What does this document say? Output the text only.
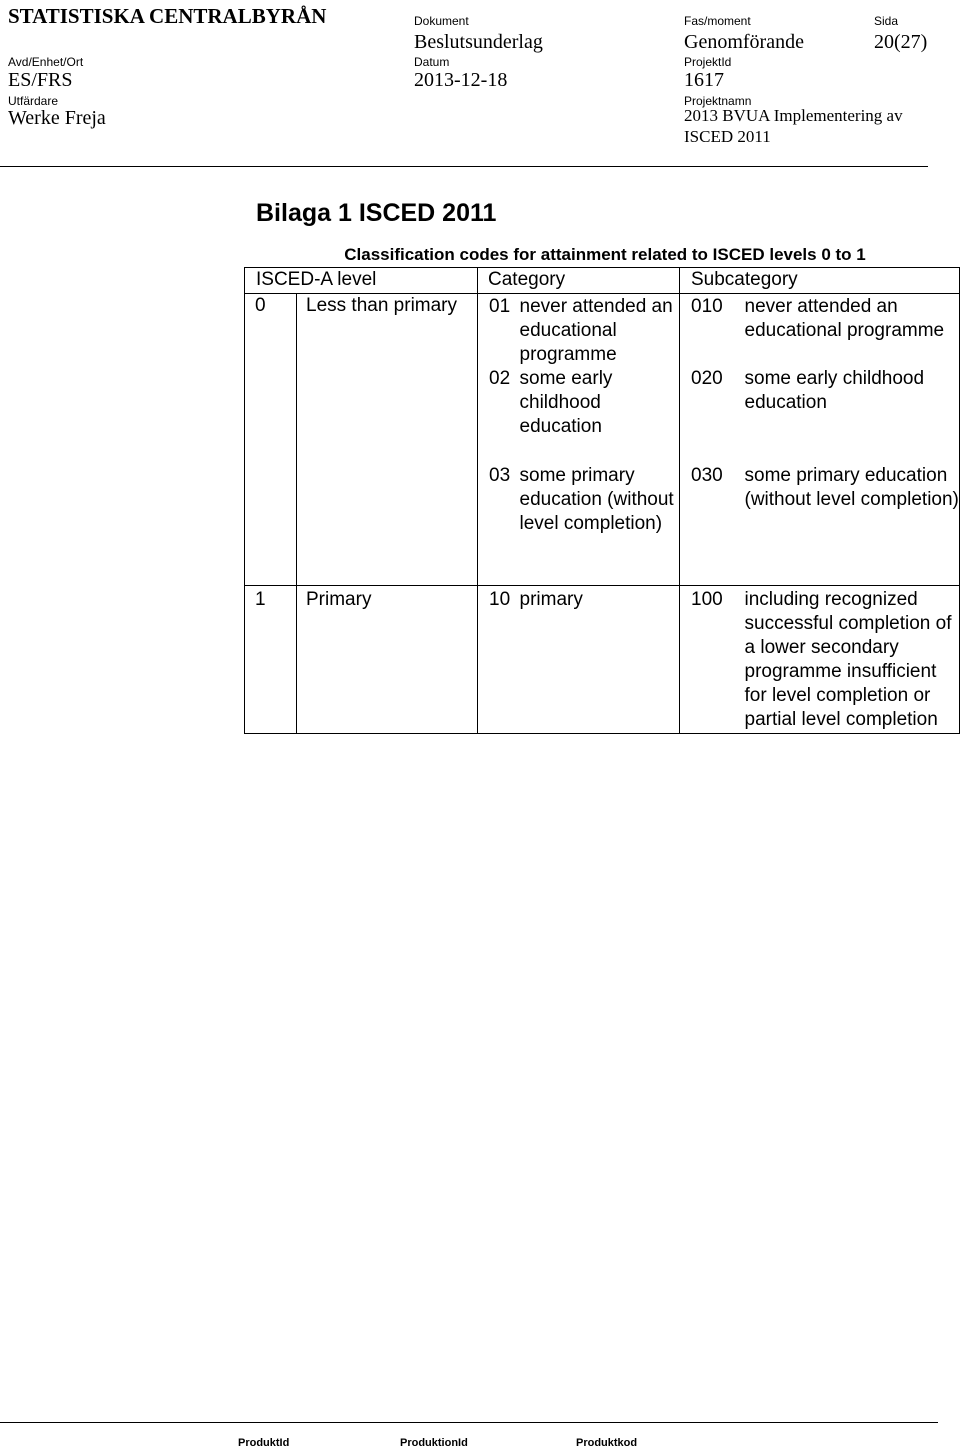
STATISTISKA CENTRALBYRÅN	Dokument
Beslutsunderlag
Fas/moment
Genomförande
Sida
20(27)
Avd/Enhet/Ort
ES/FRS
Datum
2013-12-18
ProjektId
1617
Utfärdare
Werke Freja
Projektnamn
2013 BVUA Implementering av
ISCED 2011
Bilaga 1 ISCED 2011
Classification codes for attainment related to ISCED levels 0 to 1
ISCED-A level		Category		Subcategory	
0	Less than primary	01	never attended an educational programme	010	never attended an educational programme
		02	some early childhood education	020	some early childhood education
		03	some primary education (without level completion)	030	some primary education (without level completion)
1	Primary	10	primary	100	including recognized successful completion of a lower secondary programme insufficient for level completion or partial level completion
ProduktId	ProduktionId	Produktkod
